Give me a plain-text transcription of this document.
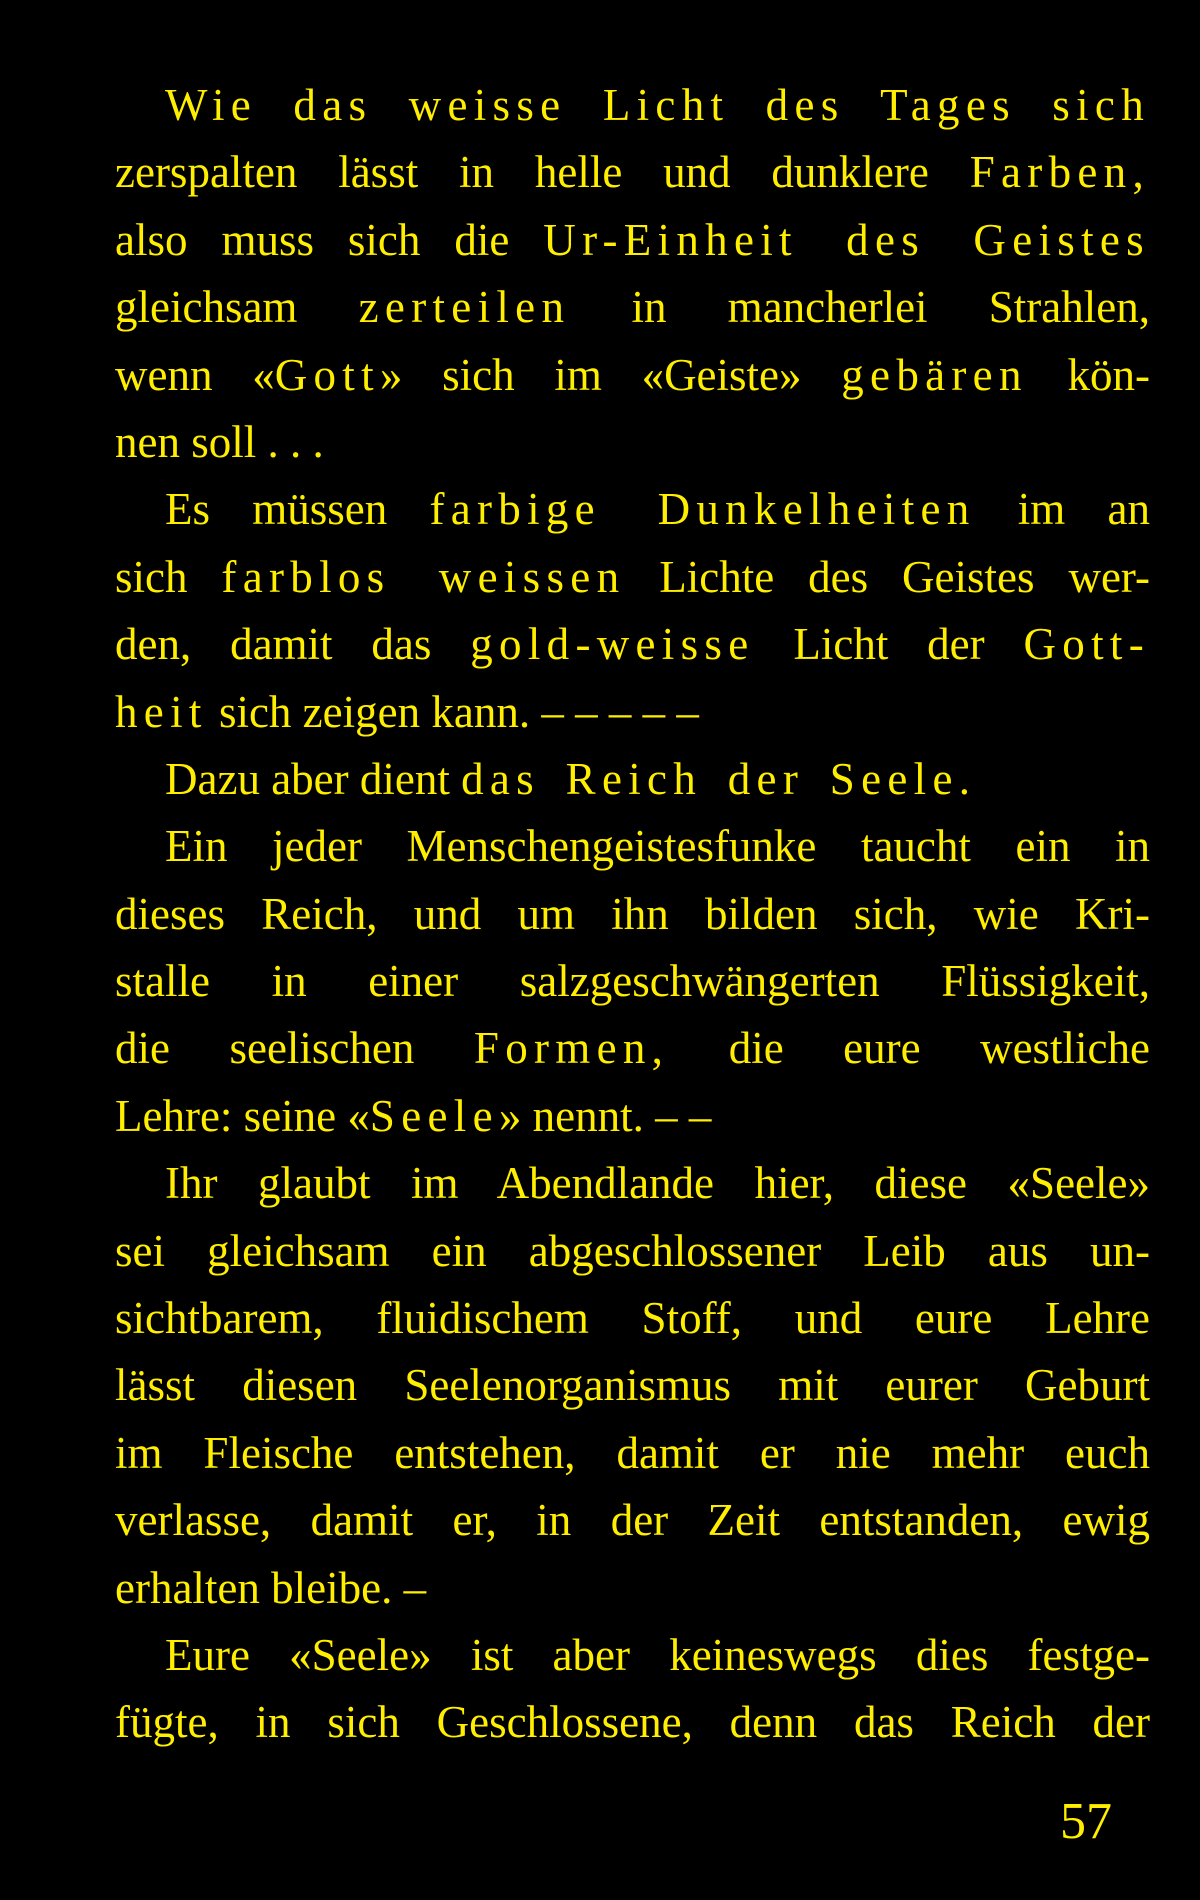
Wie das weisse Licht des Tages sich
zerspalten lässt in helle und dunklere Farben,
also muss sich die Ur-Einheit des Geistes
gleichsam zerteilen in mancherlei Strahlen,
wenn «Gott» sich im «Geiste» gebären kön-
nen soll . . .
Es müssen farbige Dunkelheiten im an
sich farblos weissen Lichte des Geistes wer-
den, damit das gold-weisse Licht der Gott-
heit sich zeigen kann. – – – – –
Dazu aber dient das Reich der Seele.
Ein jeder Menschengeistesfunke taucht ein in
dieses Reich, und um ihn bilden sich, wie Kri-
stalle in einer salzgeschwängerten Flüssigkeit,
die seelischen Formen, die eure westliche
Lehre: seine «Seele» nennt. – –
Ihr glaubt im Abendlande hier, diese «Seele»
sei gleichsam ein abgeschlossener Leib aus un-
sichtbarem, fluidischem Stoff, und eure Lehre
lässt diesen Seelenorganismus mit eurer Geburt
im Fleische entstehen, damit er nie mehr euch
verlasse, damit er, in der Zeit entstanden, ewig
erhalten bleibe. –
Eure «Seele» ist aber keineswegs dies festge-
fügte, in sich Geschlossene, denn das Reich der
57
